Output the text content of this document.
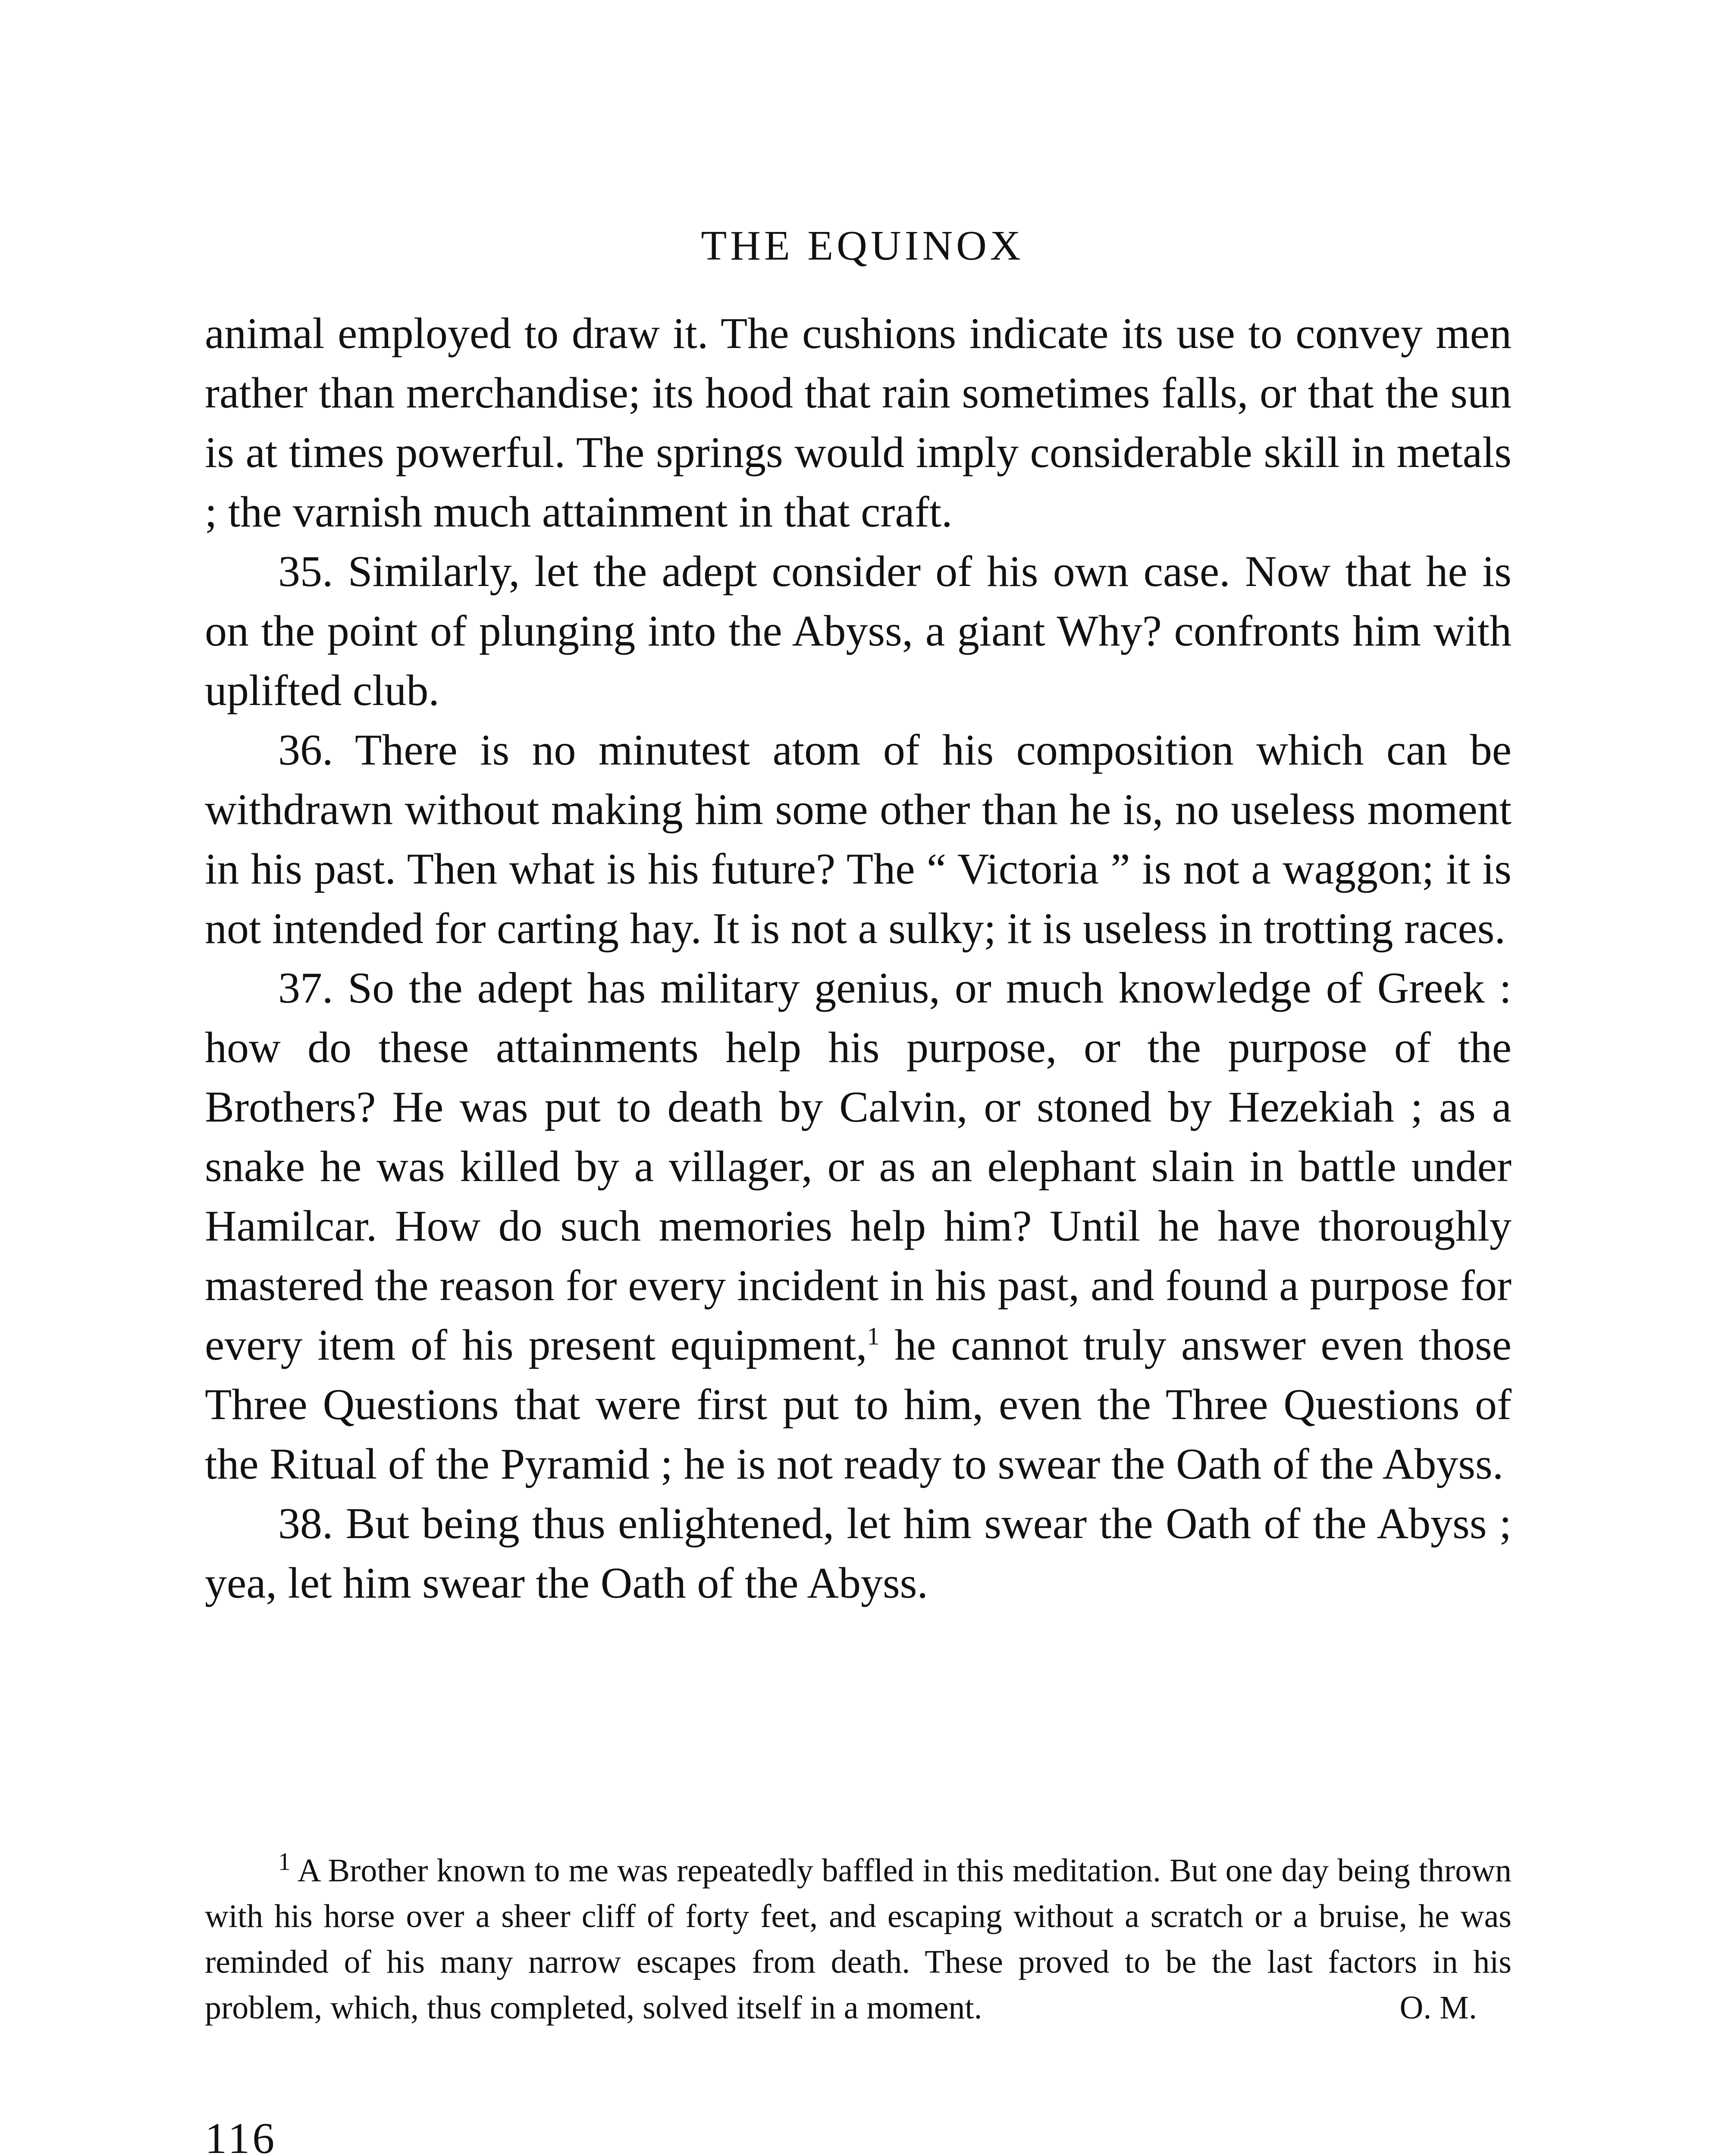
THE EQUINOX

animal employed to draw it. The cushions indicate its use to convey men rather than merchandise; its hood that rain sometimes falls, or that the sun is at times powerful. The springs would imply considerable skill in metals ; the varnish much attainment in that craft.

35. Similarly, let the adept consider of his own case. Now that he is on the point of plunging into the Abyss, a giant Why? confronts him with uplifted club.

36. There is no minutest atom of his composition which can be withdrawn without making him some other than he is, no useless moment in his past. Then what is his future? The “ Victoria ” is not a waggon; it is not intended for carting hay. It is not a sulky; it is useless in trotting races.

37. So the adept has military genius, or much knowledge of Greek : how do these attainments help his purpose, or the purpose of the Brothers? He was put to death by Calvin, or stoned by Hezekiah ; as a snake he was killed by a villager, or as an elephant slain in battle under Hamilcar. How do such memories help him? Until he have thoroughly mastered the reason for every incident in his past, and found a purpose for every item of his present equipment,$^1$ he cannot truly answer even those Three Questions that were first put to him, even the Three Questions of the Ritual of the Pyramid ; he is not ready to swear the Oath of the Abyss.

38. But being thus enlightened, let him swear the Oath of the Abyss ; yea, let him swear the Oath of the Abyss.

$^1$ A Brother known to me was repeatedly baffled in this meditation. But one day being thrown with his horse over a sheer cliff of forty feet, and escaping without a scratch or a bruise, he was reminded of his many narrow escapes from death. These proved to be the last factors in his problem, which, thus completed, solved itself in a moment.	O. M.
116
